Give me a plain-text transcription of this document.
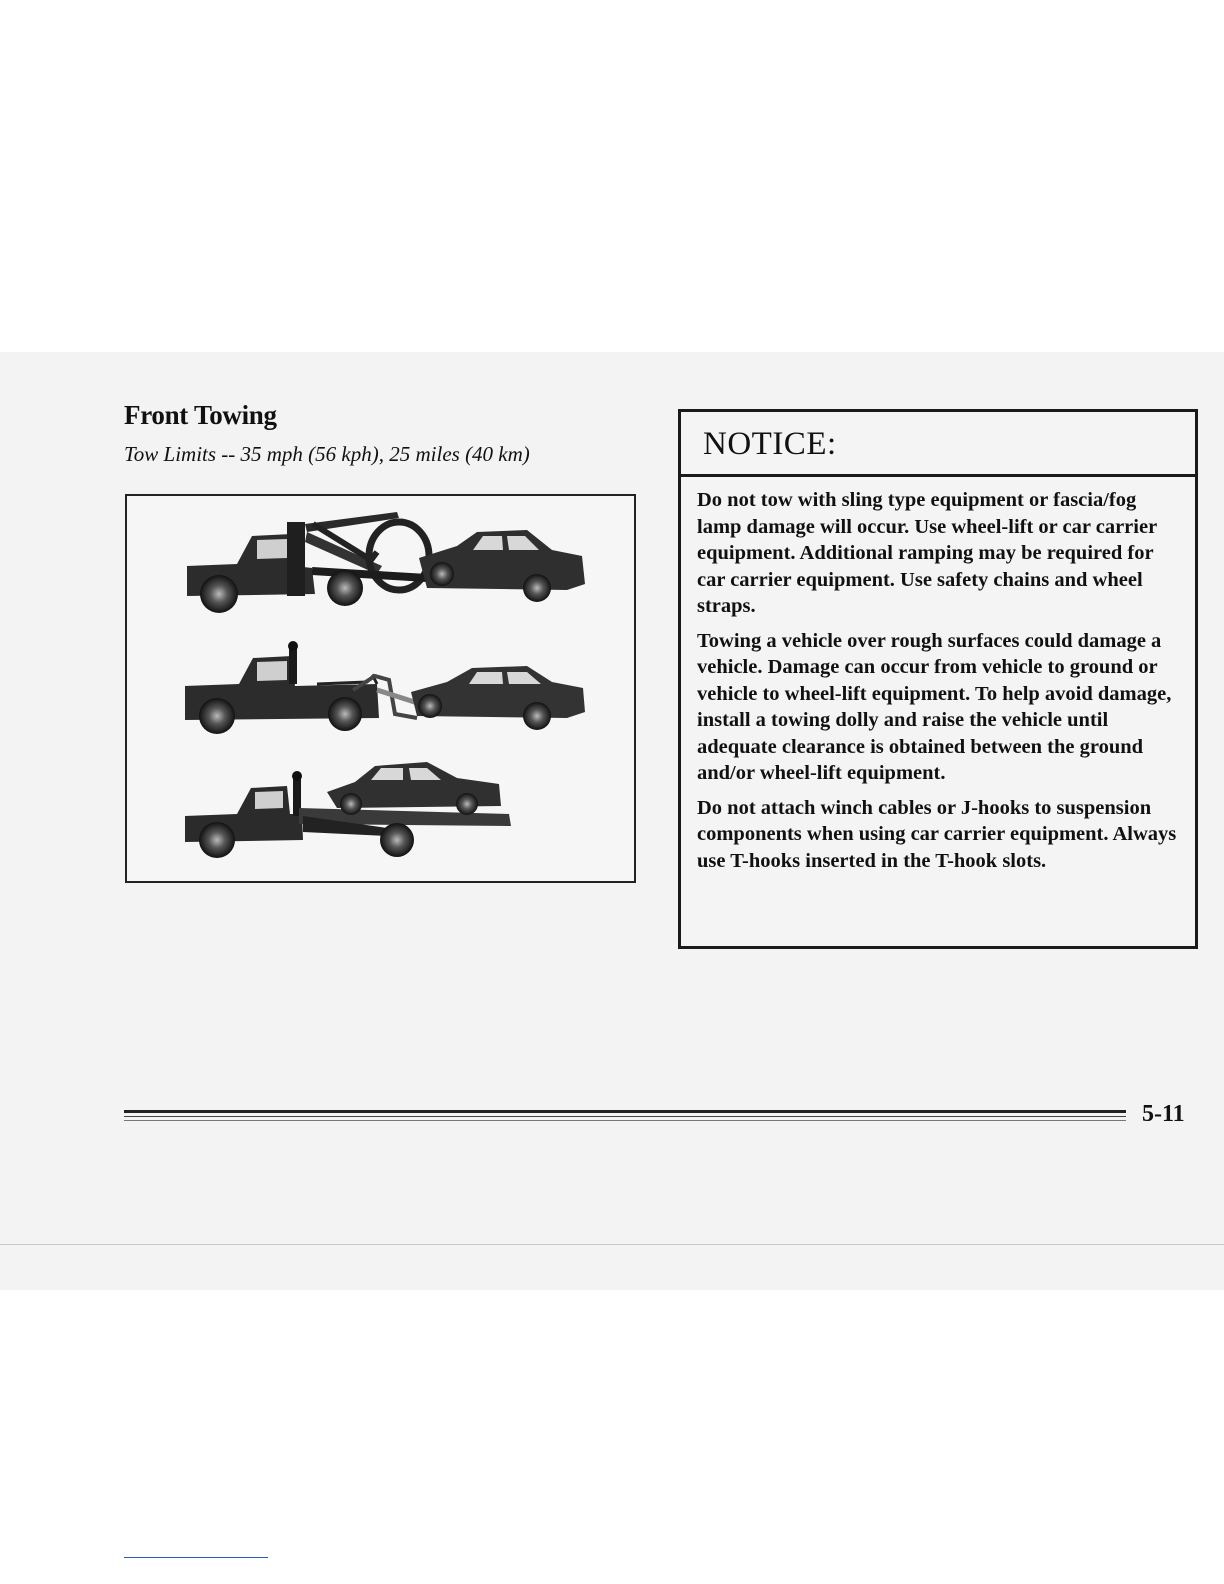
Front Towing
Tow Limits -- 35 mph (56 kph), 25 miles (40 km)	NOTICE:

Do not tow with sling type equipment or fascia/fog lamp damage will occur. Use wheel-lift or car carrier equipment. Additional ramping may be required for car carrier equipment. Use safety chains and wheel straps.

Towing a vehicle over rough surfaces could damage a vehicle. Damage can occur from vehicle to ground or vehicle to wheel-lift equipment. To help avoid damage, install a towing dolly and raise the vehicle until adequate clearance is obtained between the ground and/or wheel-lift equipment.

Do not attach winch cables or J-hooks to suspension components when using car carrier equipment. Always use T-hooks inserted in the T-hook slots.

5-11
